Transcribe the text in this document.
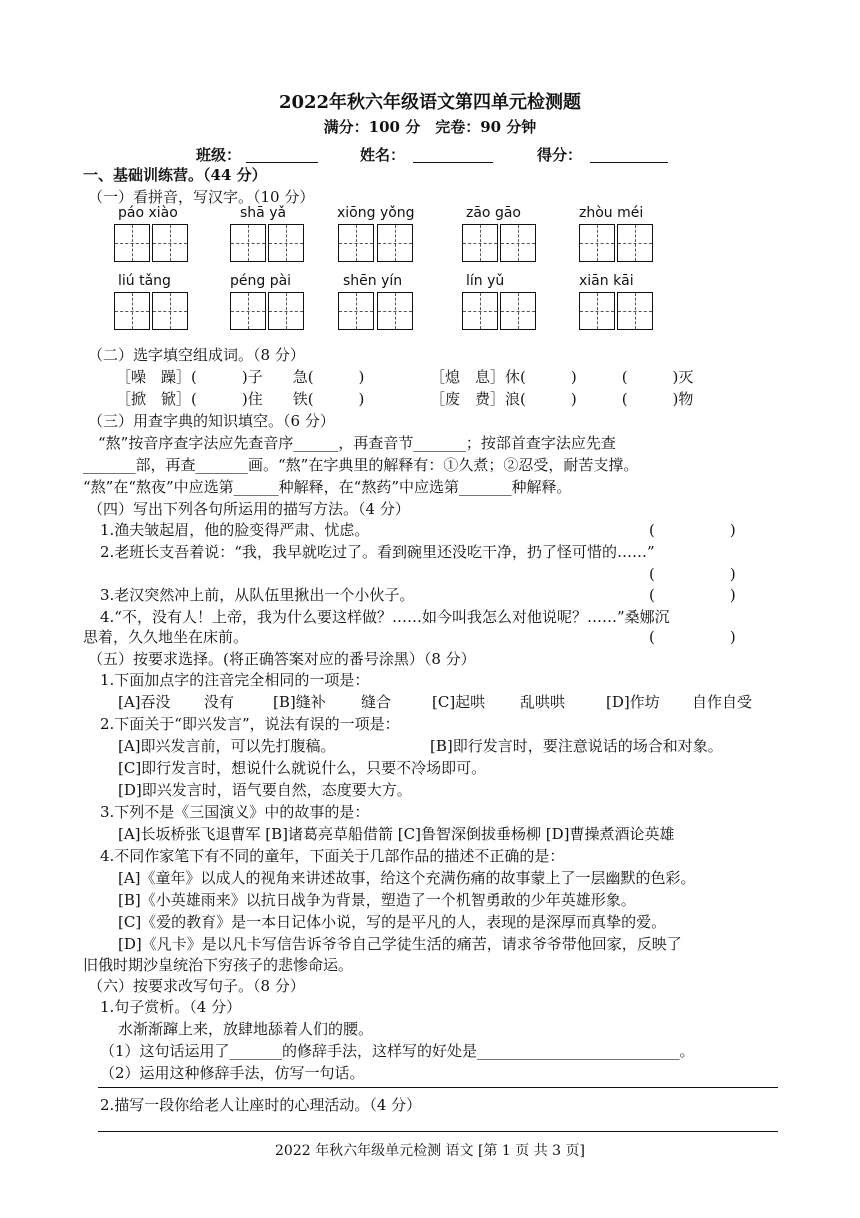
2022年秋六年级语文第四单元检测题
满分：100 分　完卷：90 分钟
班级：	姓名：	得分：
一、基础训练营。（44 分）
（一）看拼音，写汉字。（10 分）
páo xiào	shā yǎ	xiōng yǒng	zāo gāo	zhòu méi
liú tǎng	péng pài	shēn yín	lín yǔ	xiān kāi
（二）选字填空组成词。（8 分）
［噪　躁］(　　　)子　　急(　　　)	［熄　息］休(　　　)　　　(　　　)灭
［掀　锨］(　　　)住　　铁(　　　)	［废　费］浪(　　　)　　　(　　　)物
（三）用查字典的知识填空。（6 分）
“熬”按音序查字法应先查音序______，再查音节_______；按部首查字法应先查
_______部，再查_______画。“熬”在字典里的解释有：①久煮；②忍受，耐苦支撑。
“熬”在“熬夜”中应选第______种解释，在“熬药”中应选第_______种解释。
（四）写出下列各句所运用的描写方法。（4 分）
1.渔夫皱起眉，他的脸变得严肃、忧虑。	(　　　　　)
2.老班长支吾着说：“我，我早就吃过了。看到碗里还没吃干净，扔了怪可惜的……”
(　　　　　)
3.老汉突然冲上前，从队伍里揪出一个小伙子。	(　　　　　)
4.“不，没有人！上帝，我为什么要这样做？……如今叫我怎么对他说呢？……”桑娜沉
思着，久久地坐在床前。	(　　　　　)
（五）按要求选择。(将正确答案对应的番号涂黑）（8 分）
1.下面加点字的注音完全相同的一项是：
[A]吞没 没有	[B]缝补 缝合	[C]起哄 乱哄哄	[D]作坊 自作自受
2.下面关于“即兴发言”，说法有误的一项是：
[A]即兴发言前，可以先打腹稿。	[B]即行发言时，要注意说话的场合和对象。
[C]即行发言时，想说什么就说什么，只要不冷场即可。
[D]即兴发言时，语气要自然，态度要大方。
3.下列不是《三国演义》中的故事的是：
[A]长坂桥张飞退曹军 [B]诸葛亮草船借箭 [C]鲁智深倒拔垂杨柳 [D]曹操煮酒论英雄
4.不同作家笔下有不同的童年，下面关于几部作品的描述不正确的是：
[A]《童年》以成人的视角来讲述故事，给这个充满伤痛的故事蒙上了一层幽默的色彩。
[B]《小英雄雨来》以抗日战争为背景，塑造了一个机智勇敢的少年英雄形象。
[C]《爱的教育》是一本日记体小说，写的是平凡的人，表现的是深厚而真挚的爱。
[D]《凡卡》是以凡卡写信告诉爷爷自己学徒生活的痛苦，请求爷爷带他回家，反映了
旧俄时期沙皇统治下穷孩子的悲惨命运。
（六）按要求改写句子。（8 分）
1.句子赏析。（4 分）
水渐渐蹿上来，放肆地舔着人们的腰。
（1）这句话运用了_______的修辞手法，这样写的好处是___________________________。
（2）运用这种修辞手法，仿写一句话。
2.描写一段你给老人让座时的心理活动。（4 分）
2022 年秋六年级单元检测 语文 [第 1 页 共 3 页]
